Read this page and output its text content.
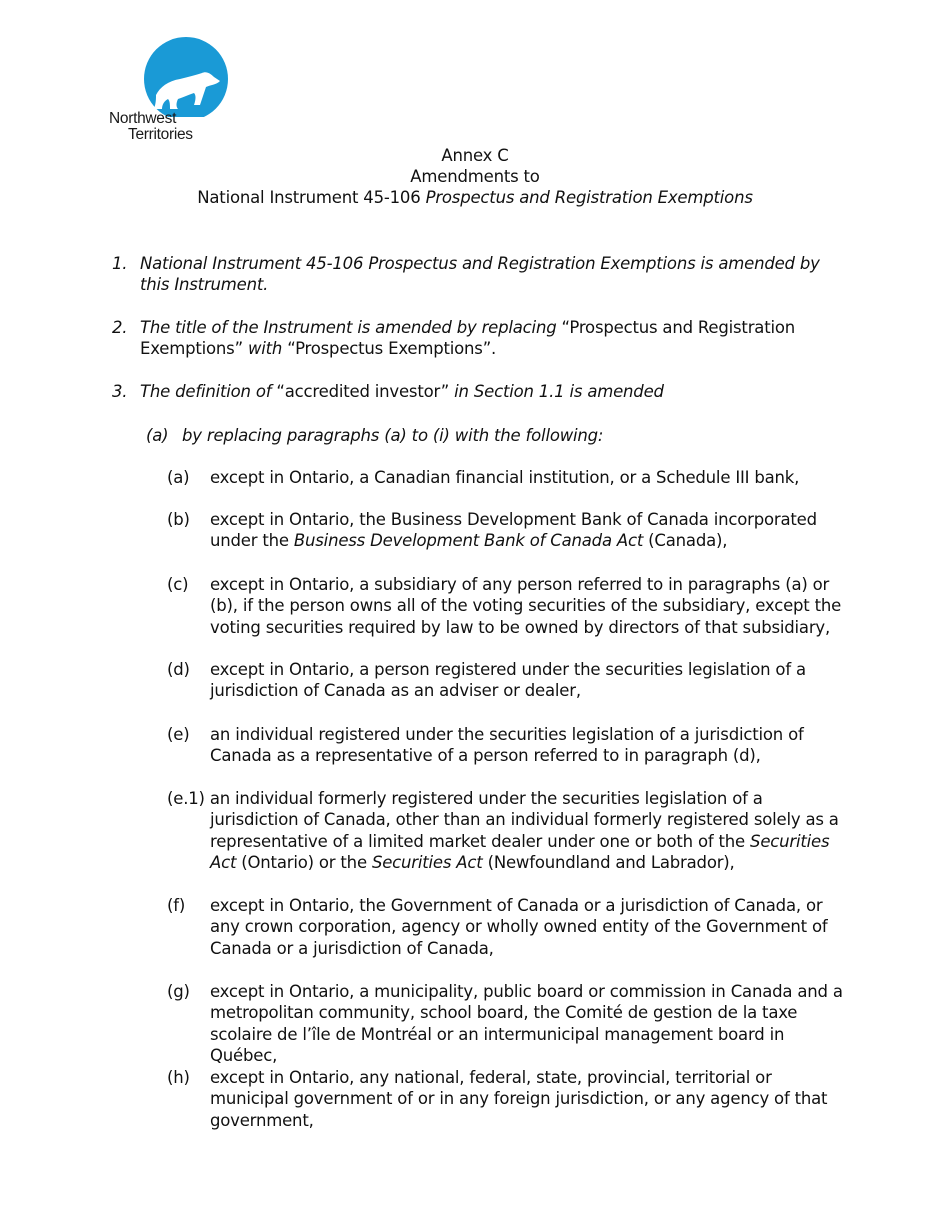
Northwest
Territories
Annex C
Amendments to
National Instrument 45-106 Prospectus and Registration Exemptions
1. National Instrument 45-106 Prospectus and Registration Exemptions is amended by this Instrument.
2. The title of the Instrument is amended by replacing “Prospectus and Registration Exemptions” with “Prospectus Exemptions”.
3. The definition of “accredited investor” in Section 1.1 is amended
(a) by replacing paragraphs (a) to (i) with the following:
(a) except in Ontario, a Canadian financial institution, or a Schedule III bank,
(b) except in Ontario, the Business Development Bank of Canada incorporated under the Business Development Bank of Canada Act (Canada),
(c) except in Ontario, a subsidiary of any person referred to in paragraphs (a) or (b), if the person owns all of the voting securities of the subsidiary, except the voting securities required by law to be owned by directors of that subsidiary,
(d) except in Ontario, a person registered under the securities legislation of a jurisdiction of Canada as an adviser or dealer,
(e) an individual registered under the securities legislation of a jurisdiction of Canada as a representative of a person referred to in paragraph (d),
(e.1) an individual formerly registered under the securities legislation of a jurisdiction of Canada, other than an individual formerly registered solely as a representative of a limited market dealer under one or both of the Securities Act (Ontario) or the Securities Act (Newfoundland and Labrador),
(f) except in Ontario, the Government of Canada or a jurisdiction of Canada, or any crown corporation, agency or wholly owned entity of the Government of Canada or a jurisdiction of Canada,
(g) except in Ontario, a municipality, public board or commission in Canada and a metropolitan community, school board, the Comité de gestion de la taxe scolaire de l’île de Montréal or an intermunicipal management board in Québec,
(h) except in Ontario, any national, federal, state, provincial, territorial or municipal government of or in any foreign jurisdiction, or any agency of that government,
